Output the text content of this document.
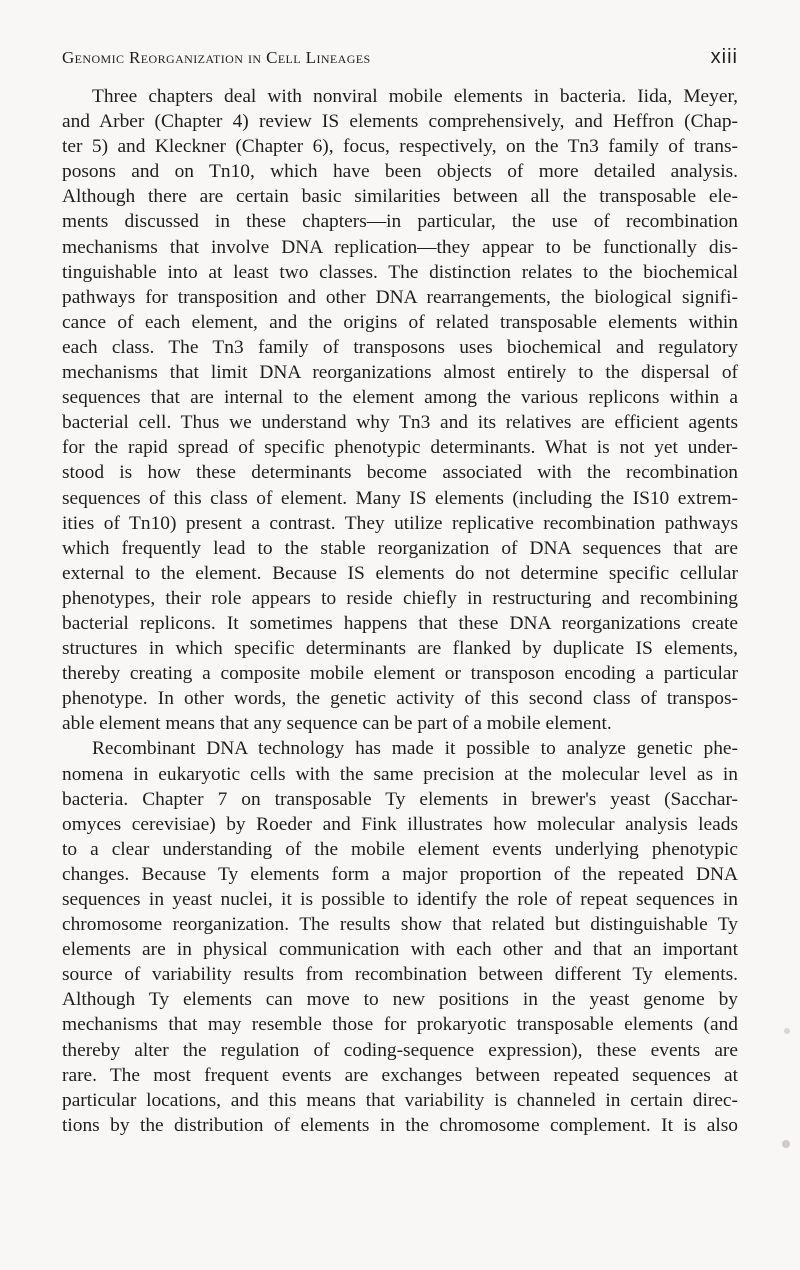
Genomic Reorganization in Cell Lineages	xiii
Three chapters deal with nonviral mobile elements in bacteria. Iida, Meyer,
and Arber (Chapter 4) review IS elements comprehensively, and Heffron (Chap-
ter 5) and Kleckner (Chapter 6), focus, respectively, on the Tn3 family of trans-
posons and on Tn10, which have been objects of more detailed analysis.
Although there are certain basic similarities between all the transposable ele-
ments discussed in these chapters—in particular, the use of recombination
mechanisms that involve DNA replication—they appear to be functionally dis-
tinguishable into at least two classes. The distinction relates to the biochemical
pathways for transposition and other DNA rearrangements, the biological signifi-
cance of each element, and the origins of related transposable elements within
each class. The Tn3 family of transposons uses biochemical and regulatory
mechanisms that limit DNA reorganizations almost entirely to the dispersal of
sequences that are internal to the element among the various replicons within a
bacterial cell. Thus we understand why Tn3 and its relatives are efficient agents
for the rapid spread of specific phenotypic determinants. What is not yet under-
stood is how these determinants become associated with the recombination
sequences of this class of element. Many IS elements (including the IS10 extrem-
ities of Tn10) present a contrast. They utilize replicative recombination pathways
which frequently lead to the stable reorganization of DNA sequences that are
external to the element. Because IS elements do not determine specific cellular
phenotypes, their role appears to reside chiefly in restructuring and recombining
bacterial replicons. It sometimes happens that these DNA reorganizations create
structures in which specific determinants are flanked by duplicate IS elements,
thereby creating a composite mobile element or transposon encoding a particular
phenotype. In other words, the genetic activity of this second class of transpos-
able element means that any sequence can be part of a mobile element.
Recombinant DNA technology has made it possible to analyze genetic phe-
nomena in eukaryotic cells with the same precision at the molecular level as in
bacteria. Chapter 7 on transposable Ty elements in brewer's yeast (Sacchar-
omyces cerevisiae) by Roeder and Fink illustrates how molecular analysis leads
to a clear understanding of the mobile element events underlying phenotypic
changes. Because Ty elements form a major proportion of the repeated DNA
sequences in yeast nuclei, it is possible to identify the role of repeat sequences in
chromosome reorganization. The results show that related but distinguishable Ty
elements are in physical communication with each other and that an important
source of variability results from recombination between different Ty elements.
Although Ty elements can move to new positions in the yeast genome by
mechanisms that may resemble those for prokaryotic transposable elements (and
thereby alter the regulation of coding-sequence expression), these events are
rare. The most frequent events are exchanges between repeated sequences at
particular locations, and this means that variability is channeled in certain direc-
tions by the distribution of elements in the chromosome complement. It is also
